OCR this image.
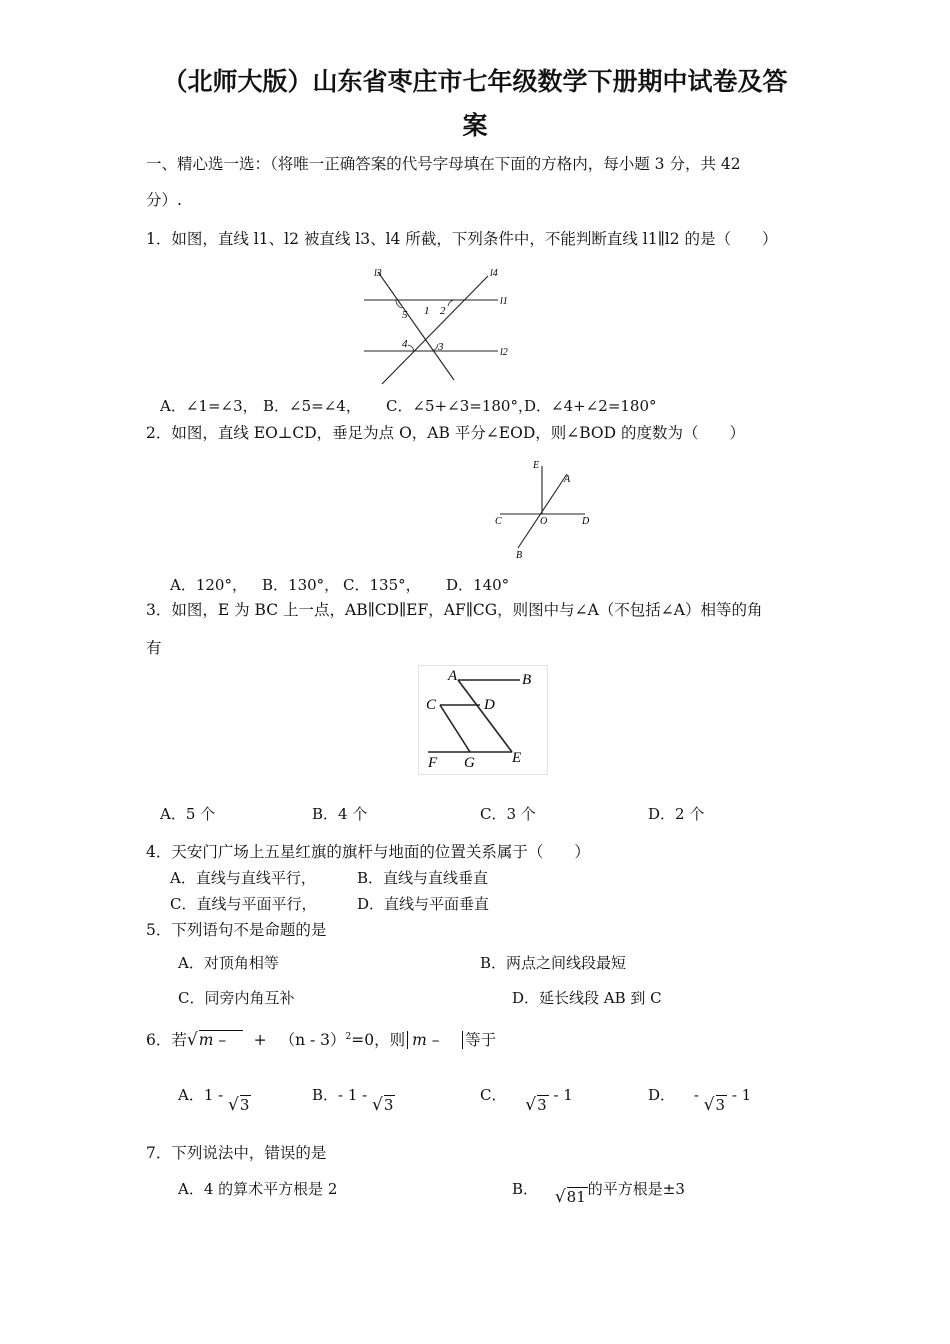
（北师大版）山东省枣庄市七年级数学下册期中试卷及答
案
一、精心选一选：（将唯一正确答案的代号字母填在下面的方格内，每小题 3 分，共 42
分）.
1．如图，直线 l1、l2 被直线 l3、l4 所截，下列条件中，不能判断直线 l1∥l2 的是（　　）
l3	l4
l1
l2
1 2
3
4
5
A．∠1=∠3， B．∠5=∠4， C．∠5+∠3=180°，
D．∠4+∠2=180°
2．如图，直线 EO⊥CD，垂足为点 O，AB 平分∠EOD，则∠BOD 的度数为（　　）
E
A
C	O	D
B
A．120°， B．130°， C．135°， D．140°
3．如图，E 为 BC 上一点，AB∥CD∥EF，AF∥CG，则图中与∠A（不包括∠A）相等的角
有
A	B
C	D
F G E
A．5 个	B．4 个	C．3 个	D．2 个
4．天安门广场上五星红旗的旗杆与地面的位置关系属于（　　）
A．直线与直线平行，	B．直线与直线垂直
C．直线与平面平行，	D．直线与平面垂直
5．下列语句不是命题的是
A．对顶角相等	B．两点之间线段最短
C．同旁内角互补	D．延长线段 AB 到 C
6．若√m – + （n - 3）$^2$=0，则 m – 等于
A．1 - √3
B．- 1 - √3
C． √3 - 1	D． - √3 - 1
7．下列说法中，错误的是
A．4 的算术平方根是 2	B． √81 的平方根是±3
